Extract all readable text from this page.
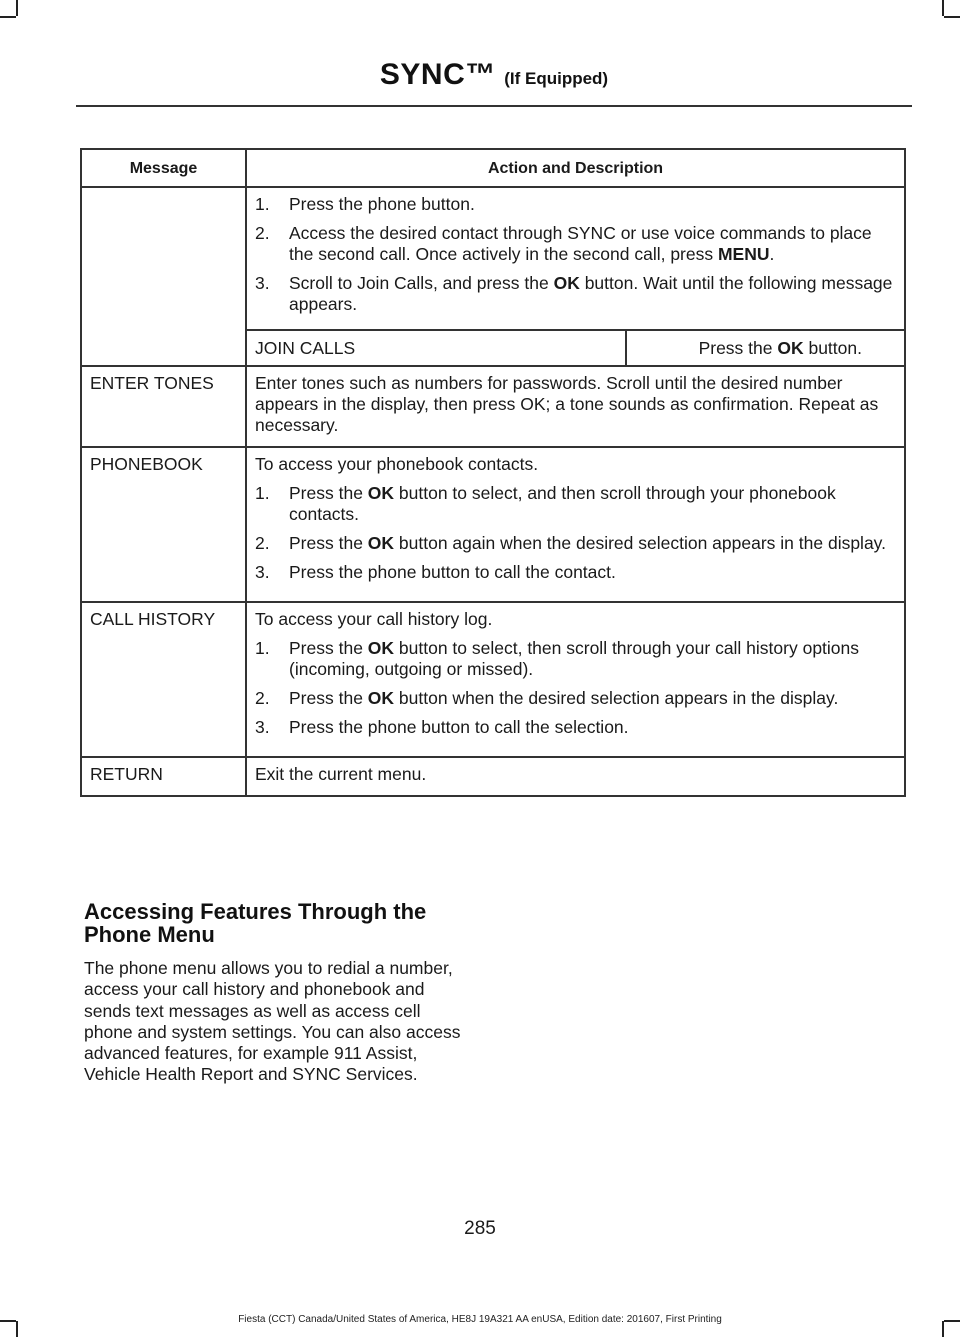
SYNC™ (If Equipped)
Message	Action and Description

1. Press the phone button.
2. Access the desired contact through SYNC or use voice commands to place the second call. Once actively in the second call, press MENU.
3. Scroll to Join Calls, and press the OK button. Wait until the following message appears.
JOIN CALLS	Press the OK button.

ENTER TONES	Enter tones such as numbers for passwords. Scroll until the desired number appears in the display, then press OK; a tone sounds as confirmation. Repeat as necessary.
PHONEBOOK	To access your phonebook contacts.

1. Press the OK button to select, and then scroll through your phonebook contacts.
2. Press the OK button again when the desired selection appears in the display.
3. Press the phone button to call the contact.

CALL HISTORY	To access your call history log.

1. Press the OK button to select, then scroll through your call history options (incoming, outgoing or missed).
2. Press the OK button when the desired selection appears in the display.
3. Press the phone button to call the selection.

RETURN	Exit the current menu.
Accessing Features Through the Phone Menu
The phone menu allows you to redial a number, access your call history and phonebook and sends text messages as well as access cell phone and system settings. You can also access advanced features, for example 911 Assist, Vehicle Health Report and SYNC Services.
285
Fiesta (CCT) Canada/United States of America, HE8J 19A321 AA enUSA, Edition date: 201607, First Printing
